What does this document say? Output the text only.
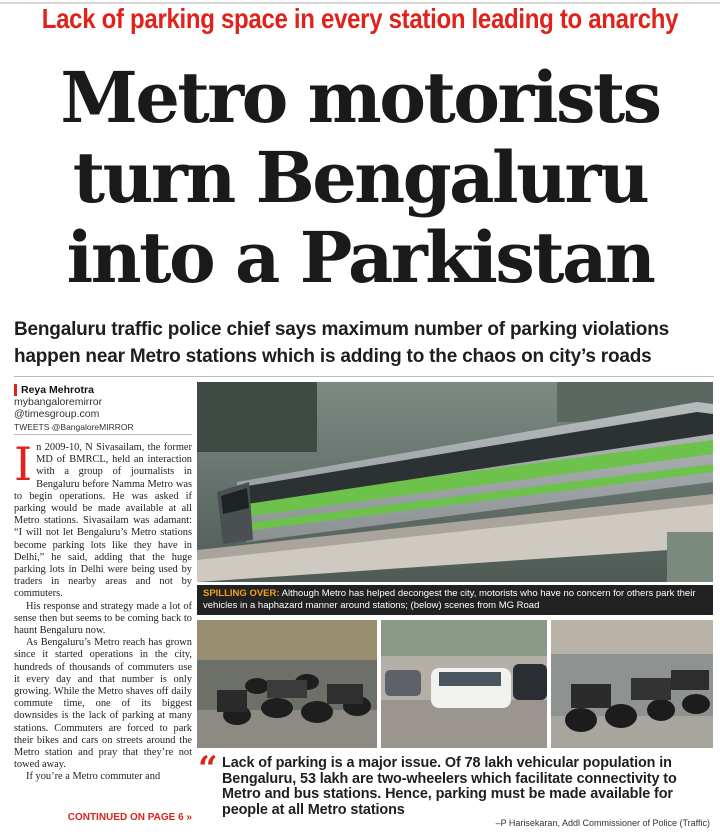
Lack of parking space in every station leading to anarchy
Metro motorists
turn Bengaluru
into a Parkistan
Bengaluru traffic police chief says maximum number of parking violations
happen near Metro stations which is adding to the chaos on city’s roads
Reya Mehrotra
mybangaloremirror
@timesgroup.com
TWEETS @BangaloreMIRROR

In 2009-10, N Sivasailam, the former MD of BMRCL, held an interaction with a group of journalists in Bengaluru before Namma Metro was to begin operations. He was asked if parking would be made available at all Metro stations. Sivasailam was adamant: “I will not let Bengaluru’s Metro stations become parking lots like they have in Delhi,” he said, adding that the huge parking lots in Delhi were being used by traders in nearby areas and not by commuters.

His response and strategy made a lot of sense then but seems to be coming back to haunt Bengaluru now.

As Bengaluru’s Metro reach has grown since it started operations in the city, hundreds of thousands of commuters use it every day and that number is only growing. While the Metro shaves off daily commute time, one of its biggest downsides is the lack of parking at many stations. Commuters are forced to park their bikes and cars on streets around the Metro station and pray that they’re not towed away.

If you’re a Metro commuter and

CONTINUED ON PAGE 6 »
SPILLING OVER: Although Metro has helped decongest the city, motorists who have no concern for others park their vehicles in a haphazard manner around stations; (below) scenes from MG Road
“ Lack of parking is a major issue. Of 78 lakh vehicular population in Bengaluru, 53 lakh are two-wheelers which facilitate connectivity to Metro and bus stations. Hence, parking must be made available for people at all Metro stations
–P Harisekaran, Addl Commissioner of Police (Traffic)
